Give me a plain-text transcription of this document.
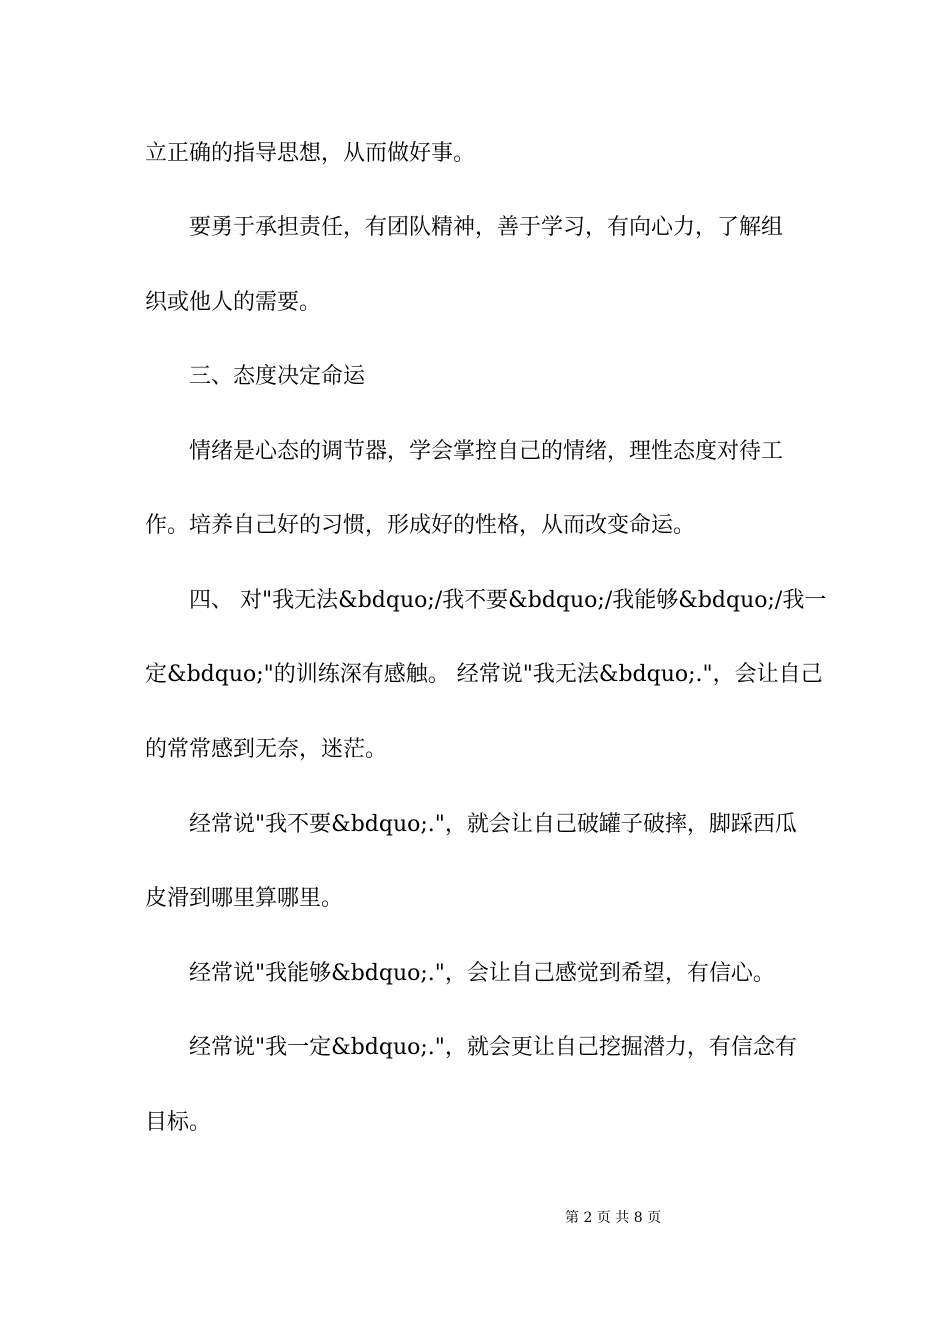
立正确的指导思想，从而做好事。
要勇于承担责任，有团队精神，善于学习，有向心力，了解组
织或他人的需要。
三、态度决定命运
情绪是心态的调节器，学会掌控自己的情绪，理性态度对待工
作。培养自己好的习惯，形成好的性格，从而改变命运。
四、 对"我无法&bdquo;/我不要&bdquo;/我能够&bdquo;/我一
定&bdquo;"的训练深有感触。 经常说"我无法&bdquo;."，会让自己
的常常感到无奈，迷茫。
经常说"我不要&bdquo;."，就会让自己破罐子破摔，脚踩西瓜
皮滑到哪里算哪里。
经常说"我能够&bdquo;."，会让自己感觉到希望，有信心。
经常说"我一定&bdquo;."，就会更让自己挖掘潜力，有信念有
目标。
第 2 页 共 8 页
